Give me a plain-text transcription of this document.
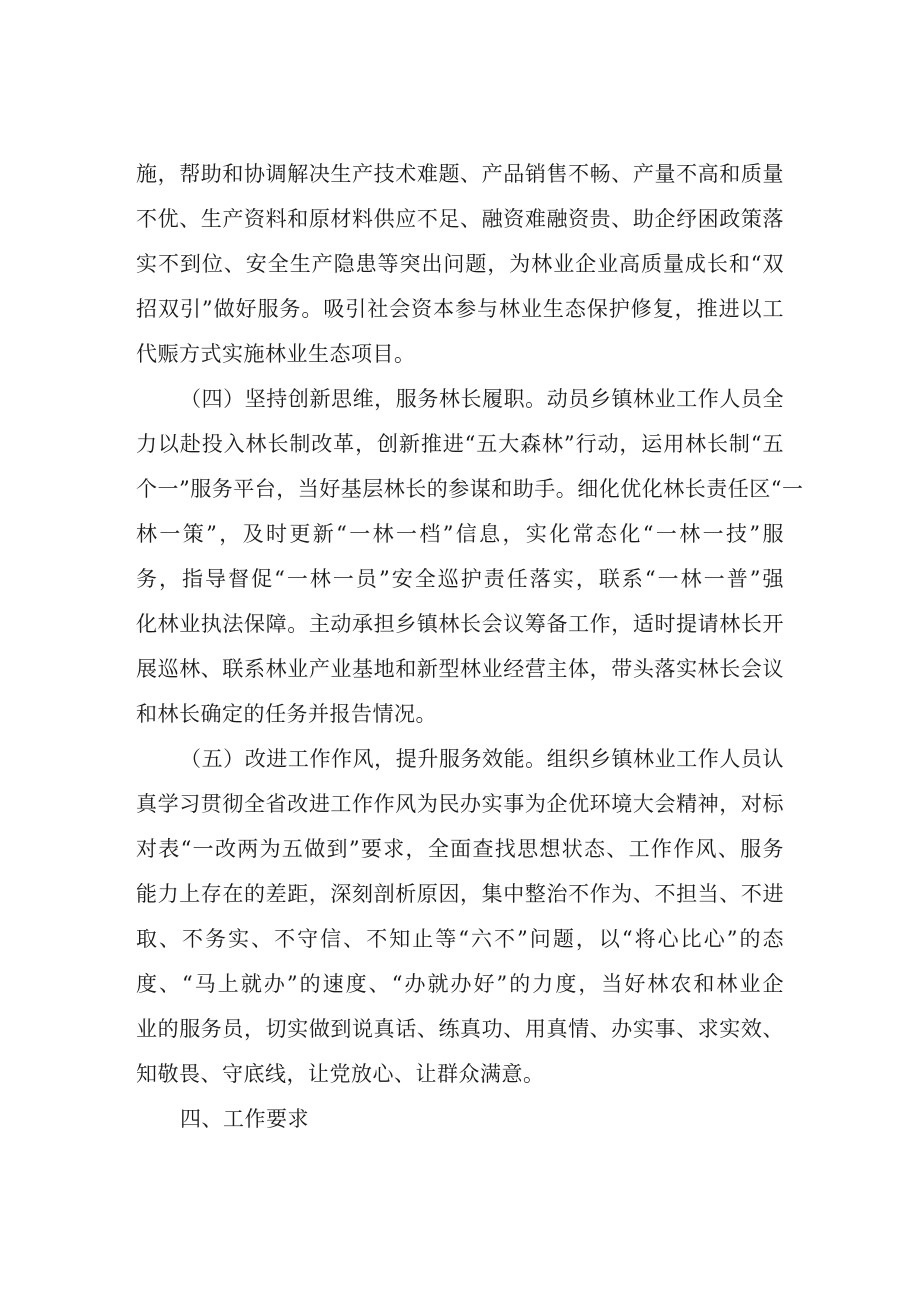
施，帮助和协调解决生产技术难题、产品销售不畅、产量不高和质量
不优、生产资料和原材料供应不足、融资难融资贵、助企纾困政策落
实不到位、安全生产隐患等突出问题，为林业企业高质量成长和“双
招双引”做好服务。吸引社会资本参与林业生态保护修复，推进以工
代赈方式实施林业生态项目。
（四）坚持创新思维，服务林长履职。动员乡镇林业工作人员全
力以赴投入林长制改革，创新推进“五大森林”行动，运用林长制“五
个一”服务平台，当好基层林长的参谋和助手。细化优化林长责任区“一
林一策”，及时更新“一林一档”信息，实化常态化“一林一技”服
务，指导督促“一林一员”安全巡护责任落实，联系“一林一普”强
化林业执法保障。主动承担乡镇林长会议筹备工作，适时提请林长开
展巡林、联系林业产业基地和新型林业经营主体，带头落实林长会议
和林长确定的任务并报告情况。
（五）改进工作作风，提升服务效能。组织乡镇林业工作人员认
真学习贯彻全省改进工作作风为民办实事为企优环境大会精神，对标
对表“一改两为五做到”要求，全面查找思想状态、工作作风、服务
能力上存在的差距，深刻剖析原因，集中整治不作为、不担当、不进
取、不务实、不守信、不知止等“六不”问题，以“将心比心”的态
度、“马上就办”的速度、“办就办好”的力度，当好林农和林业企
业的服务员，切实做到说真话、练真功、用真情、办实事、求实效、
知敬畏、守底线，让党放心、让群众满意。
四、工作要求
